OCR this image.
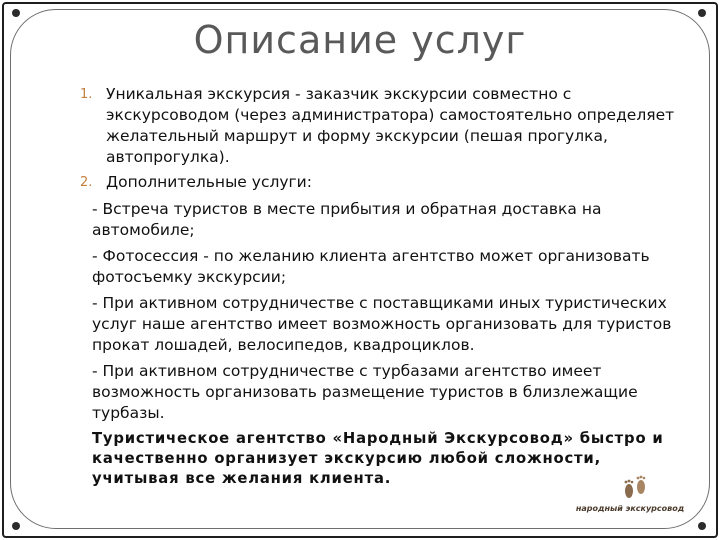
Описание услуг
1. Уникальная экскурсия - заказчик экскурсии совместно с экскурсоводом (через администратора) самостоятельно определяет желательный маршрут и форму экскурсии (пешая прогулка, автопрогулка).
2. Дополнительные услуги:
- Встреча туристов в месте прибытия и обратная доставка на автомобиле;
- Фотосессия - по желанию клиента агентство может организовать фотосъемку экскурсии;
- При активном сотрудничестве с поставщиками иных туристических услуг наше агентство имеет возможность организовать для туристов прокат лошадей, велосипедов, квадроциклов.
- При активном сотрудничестве с турбазами агентство имеет возможность организовать размещение туристов в близлежащие турбазы.
Туристическое агентство «Народный Экскурсовод» быстро и качественно организует экскурсию любой сложности, учитывая все желания клиента.
народный экскурсовод
